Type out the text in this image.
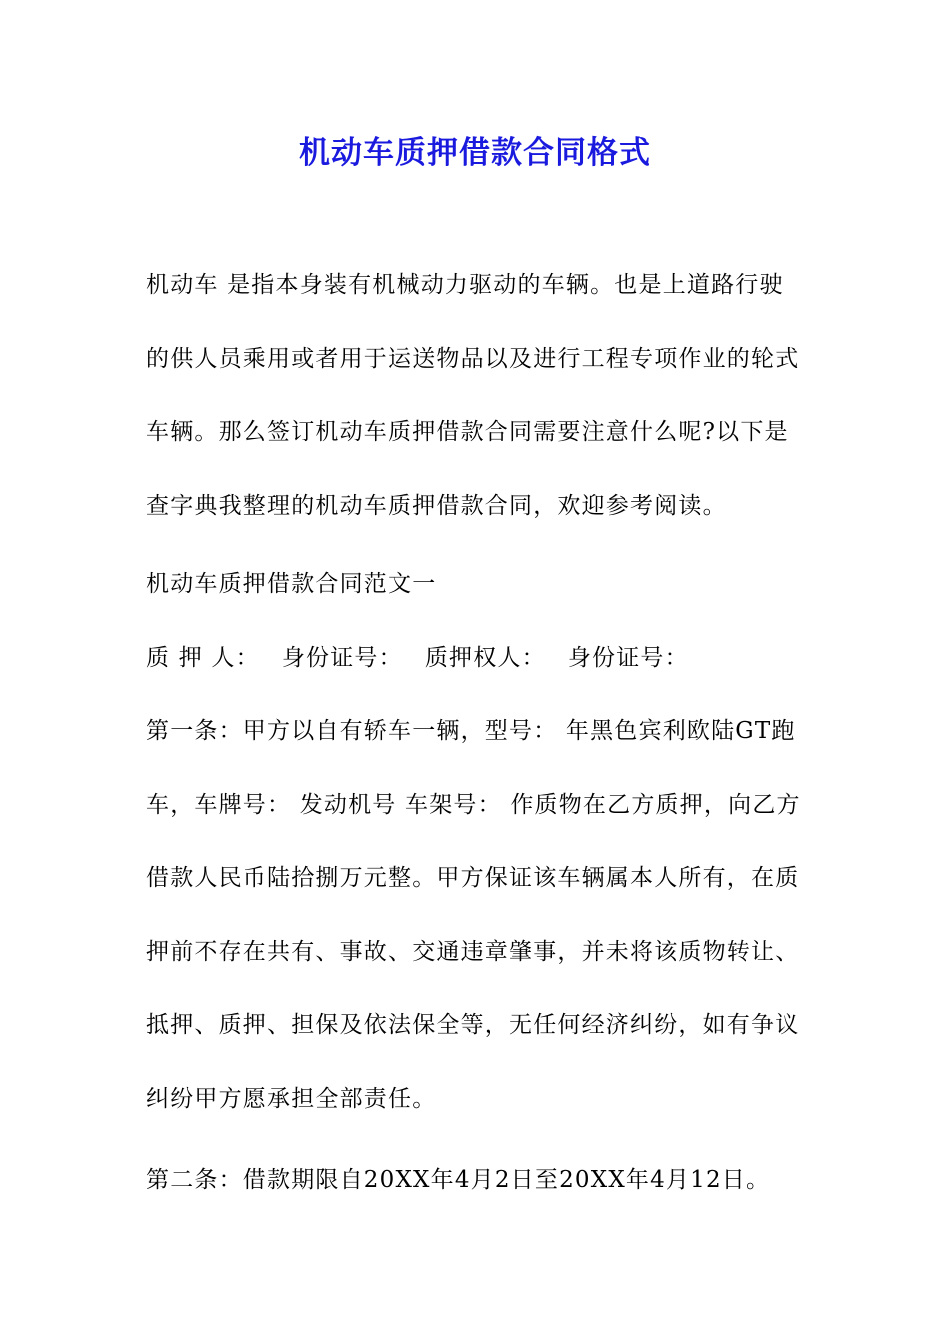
机动车质押借款合同格式
机动车 是指本身装有机械动力驱动的车辆。也是上道路行驶的供人员乘用或者用于运送物品以及进行工程专项作业的轮式车辆。那么签订机动车质押借款合同需要注意什么呢?以下是查字典我整理的机动车质押借款合同，欢迎参考阅读。
机动车质押借款合同范文一
质 押 人： 身份证号： 质押权人： 身份证号：
第一条：甲方以自有轿车一辆，型号： 年黑色宾利欧陆GT跑车，车牌号： 发动机号 车架号： 作质物在乙方质押，向乙方借款人民币陆拾捌万元整。甲方保证该车辆属本人所有，在质押前不存在共有、事故、交通违章肇事，并未将该质物转让、抵押、质押、担保及依法保全等，无任何经济纠纷，如有争议纠纷甲方愿承担全部责任。
第二条：借款期限自20XX年4月2日至20XX年4月12日。
